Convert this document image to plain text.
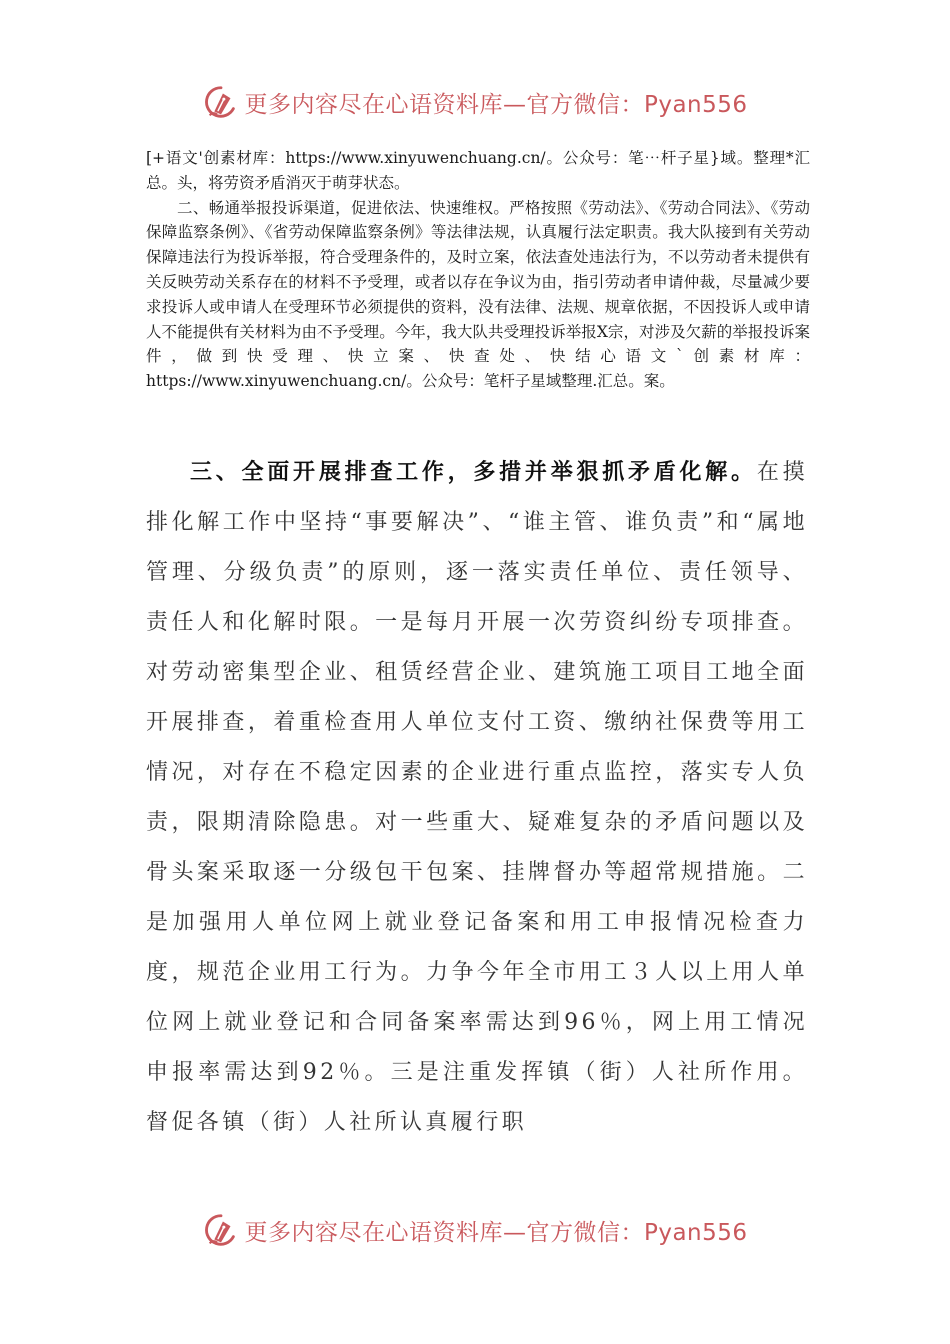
更多内容尽在心语资料库—官方微信：Pyan556

[+语文'创素材库：https://www.xinyuwenchuang.cn/。公众号：笔⋯杆子星}域。整理*汇总。头，将劳资矛盾消灭于萌芽状态。

二、畅通举报投诉渠道，促进依法、快速维权。严格按照《劳动法》、《劳动合同法》、《劳动保障监察条例》、《省劳动保障监察条例》等法律法规，认真履行法定职责。我大队接到有关劳动保障违法行为投诉举报，符合受理条件的，及时立案，依法查处违法行为，不以劳动者未提供有关反映劳动关系存在的材料不予受理，或者以存在争议为由，指引劳动者申请仲裁，尽量减少要求投诉人或申请人在受理环节必须提供的资料，没有法律、法规、规章依据，不因投诉人或申请人不能提供有关材料为由不予受理。今年，我大队共受理投诉举报X宗，对涉及欠薪的举报投诉案件，做到快受理、快立案、快查处、快结心语文`创素材库：https://www.xinyuwenchuang.cn/。公众号：笔杆子星域整理.汇总。案。

三、全面开展排查工作，多措并举狠抓矛盾化解。在摸排化解工作中坚持“事要解决”、“谁主管、谁负责”和“属地管理、分级负责”的原则，逐一落实责任单位、责任领导、责任人和化解时限。一是每月开展一次劳资纠纷专项排查。对劳动密集型企业、租赁经营企业、建筑施工项目工地全面开展排查，着重检查用人单位支付工资、缴纳社保费等用工情况，对存在不稳定因素的企业进行重点监控，落实专人负责，限期清除隐患。对一些重大、疑难复杂的矛盾问题以及骨头案采取逐一分级包干包案、挂牌督办等超常规措施。二是加强用人单位网上就业登记备案和用工申报情况检查力度，规范企业用工行为。力争今年全市用工３人以上用人单位网上就业登记和合同备案率需达到96％，网上用工情况申报率需达到92％。三是注重发挥镇（街）人社所作用。督促各镇（街）人社所认真履行职

更多内容尽在心语资料库—官方微信：Pyan556
